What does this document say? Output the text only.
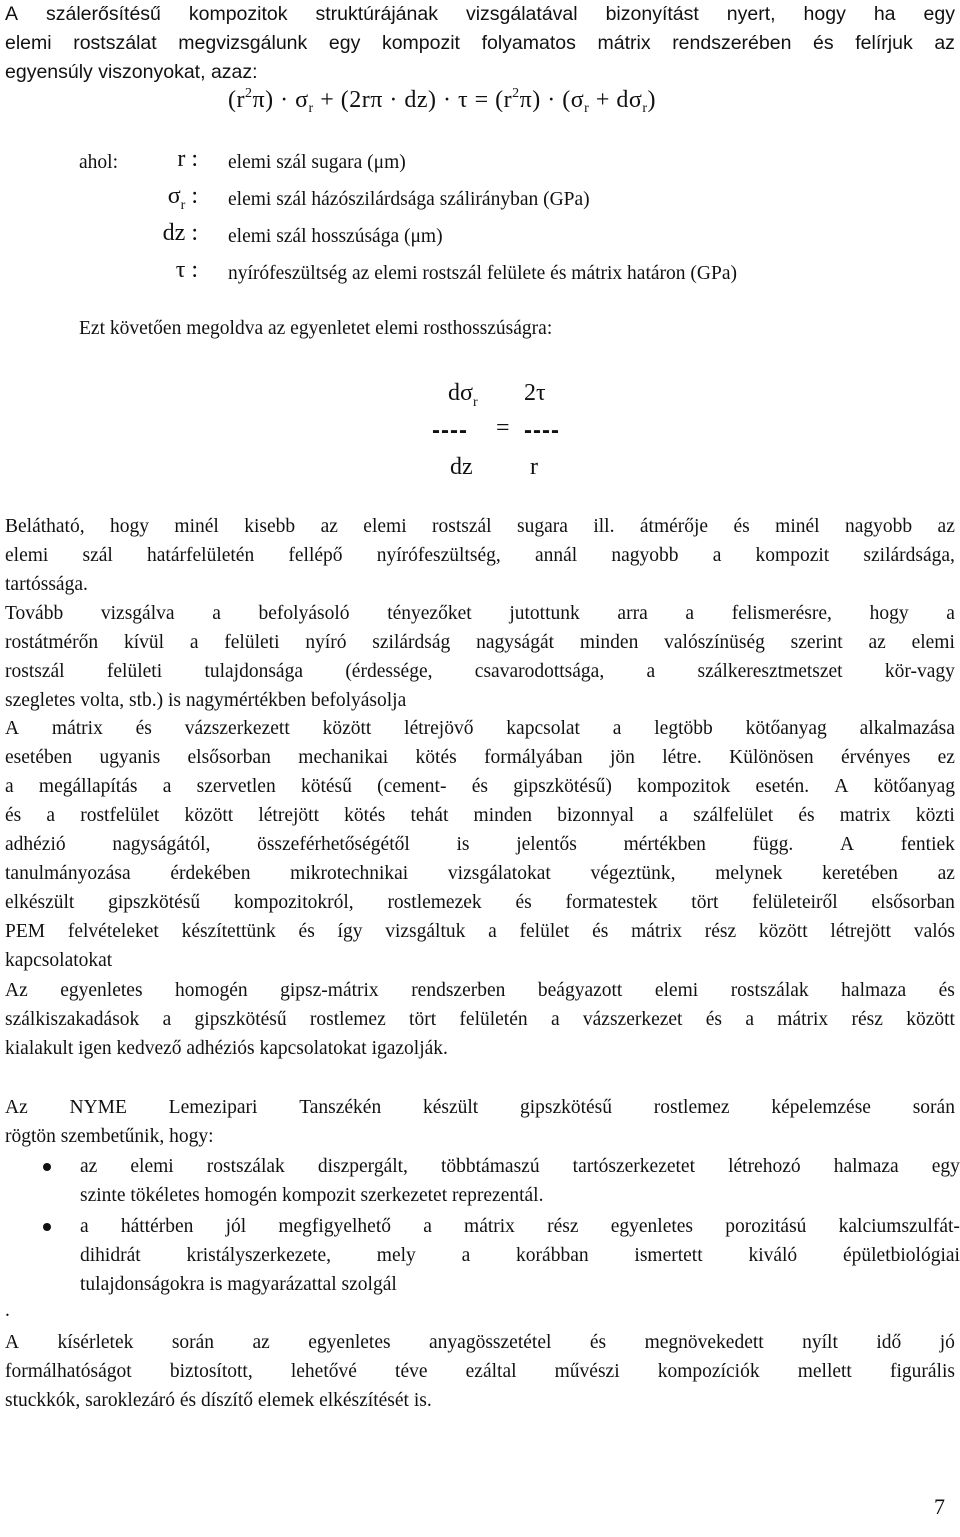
A szálerősítésű kompozitok struktúrájának vizsgálatával bizonyítást nyert, hogy ha egy
elemi rostszálat megvizsgálunk egy kompozit folyamatos mátrix rendszerében és felírjuk az
egyensúly viszonyokat, azaz:
$(r^2\pi) \cdot \sigma_r + (2r\pi \cdot dz) \cdot \tau = (r^2\pi) \cdot (\sigma_r + d\sigma_r)$
ahol: r : elemi szál sugara (μm)
$\sigma_r$ : elemi szál házószilárdsága szálirányban (GPa)
dz : elemi szál hosszúsága (μm)
τ : nyírófeszültség az elemi rostszál felülete és mátrix határon (GPa)
Ezt követően megoldva az egyenletet elemi rosthosszúságra:
$d\sigma_r$ 2τ
---- = ----
dz r
Belátható, hogy minél kisebb az elemi rostszál sugara ill. átmérője és minél nagyobb az
elemi szál határfelületén fellépő nyírófeszültség, annál nagyobb a kompozit szilárdsága,
tartóssága.
Tovább vizsgálva a befolyásoló tényezőket jutottunk arra a felismerésre, hogy a
rostátmérőn kívül a felületi nyíró szilárdság nagyságát minden valószínüség szerint az elemi
rostszál felületi tulajdonsága (érdessége, csavarodottsága, a szálkeresztmetszet kör-vagy
szegletes volta, stb.) is nagymértékben befolyásolja
A mátrix és vázszerkezett között létrejövő kapcsolat a legtöbb kötőanyag alkalmazása
esetében ugyanis elsősorban mechanikai kötés formályában jön létre. Különösen érvényes ez
a megállapítás a szervetlen kötésű (cement- és gipszkötésű) kompozitok esetén. A kötőanyag
és a rostfelület között létrejött kötés tehát minden bizonnyal a szálfelület és matrix közti
adhézió nagyságától, összeférhetőségétől is jelentős mértékben függ. A fentiek
tanulmányozása érdekében mikrotechnikai vizsgálatokat végeztünk, melynek keretében az
elkészült gipszkötésű kompozitokról, rostlemezek és formatestek tört felületeiről elsősorban
PEM felvételeket készítettünk és így vizsgáltuk a felület és mátrix rész között létrejött valós
kapcsolatokat
Az egyenletes homogén gipsz-mátrix rendszerben beágyazott elemi rostszálak halmaza és
szálkiszakadások a gipszkötésű rostlemez tört felületén a vázszerkezet és a mátrix rész között
kialakult igen kedvező adhéziós kapcsolatokat igazolják.
Az NYME Lemezipari Tanszékén készült gipszkötésű rostlemez képelemzése során
rögtön szembetűnik, hogy:
az elemi rostszálak diszpergált, többtámaszú tartószerkezetet létrehozó halmaza egy
szinte tökéletes homogén kompozit szerkezetet reprezentál.
a háttérben jól megfigyelhető a mátrix rész egyenletes porozitású kalciumszulfát-
dihidrát kristályszerkezete, mely a korábban ismertett kiváló épületbiológiai
tulajdonságokra is magyarázattal szolgál
.
A kísérletek során az egyenletes anyagösszetétel és megnövekedett nyílt idő jó
formálhatóságot biztosított, lehetővé téve ezáltal művészi kompozíciók mellett figurális
stuckkók, saroklezáró és díszítő elemek elkészítését is.
7
